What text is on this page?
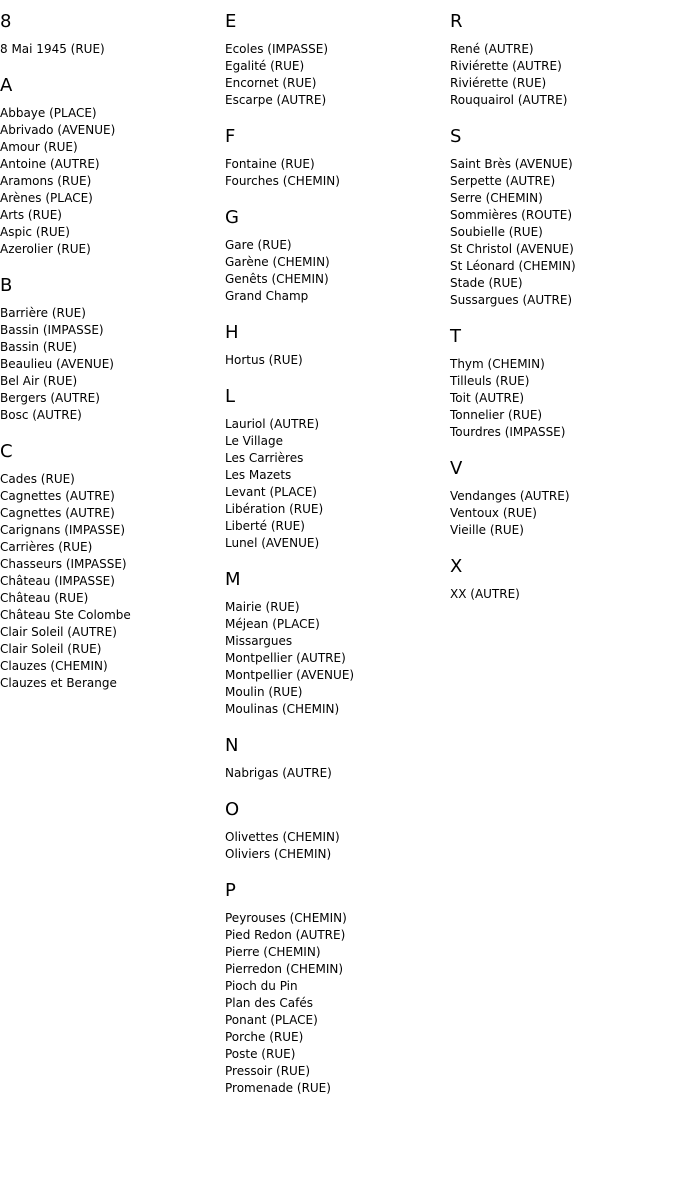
8
8 Mai 1945 (RUE)
A
Abbaye (PLACE)
Abrivado (AVENUE)
Amour (RUE)
Antoine (AUTRE)
Aramons (RUE)
Arènes (PLACE)
Arts (RUE)
Aspic (RUE)
Azerolier (RUE)
B
Barrière (RUE)
Bassin (IMPASSE)
Bassin (RUE)
Beaulieu (AVENUE)
Bel Air (RUE)
Bergers (AUTRE)
Bosc (AUTRE)
C
Cades (RUE)
Cagnettes (AUTRE)
Cagnettes (AUTRE)
Carignans (IMPASSE)
Carrières (RUE)
Chasseurs (IMPASSE)
Château (IMPASSE)
Château (RUE)
Château Ste Colombe
Clair Soleil (AUTRE)
Clair Soleil (RUE)
Clauzes (CHEMIN)
Clauzes et Berange
E
Ecoles (IMPASSE)
Egalité (RUE)
Encornet (RUE)
Escarpe (AUTRE)
F
Fontaine (RUE)
Fourches (CHEMIN)
G
Gare (RUE)
Garène (CHEMIN)
Genêts (CHEMIN)
Grand Champ
H
Hortus (RUE)
L
Lauriol (AUTRE)
Le Village
Les Carrières
Les Mazets
Levant (PLACE)
Libération (RUE)
Liberté (RUE)
Lunel (AVENUE)
M
Mairie (RUE)
Méjean (PLACE)
Missargues
Montpellier (AUTRE)
Montpellier (AVENUE)
Moulin (RUE)
Moulinas (CHEMIN)
N
Nabrigas (AUTRE)
O
Olivettes (CHEMIN)
Oliviers (CHEMIN)
P
Peyrouses (CHEMIN)
Pied Redon (AUTRE)
Pierre (CHEMIN)
Pierredon (CHEMIN)
Pioch du Pin
Plan des Cafés
Ponant (PLACE)
Porche (RUE)
Poste (RUE)
Pressoir (RUE)
Promenade (RUE)
R
René (AUTRE)
Riviérette (AUTRE)
Riviérette (RUE)
Rouquairol (AUTRE)
S
Saint Brès (AVENUE)
Serpette (AUTRE)
Serre (CHEMIN)
Sommières (ROUTE)
Soubielle (RUE)
St Christol (AVENUE)
St Léonard (CHEMIN)
Stade (RUE)
Sussargues (AUTRE)
T
Thym (CHEMIN)
Tilleuls (RUE)
Toit (AUTRE)
Tonnelier (RUE)
Tourdres (IMPASSE)
V
Vendanges (AUTRE)
Ventoux (RUE)
Vieille (RUE)
X
XX (AUTRE)
